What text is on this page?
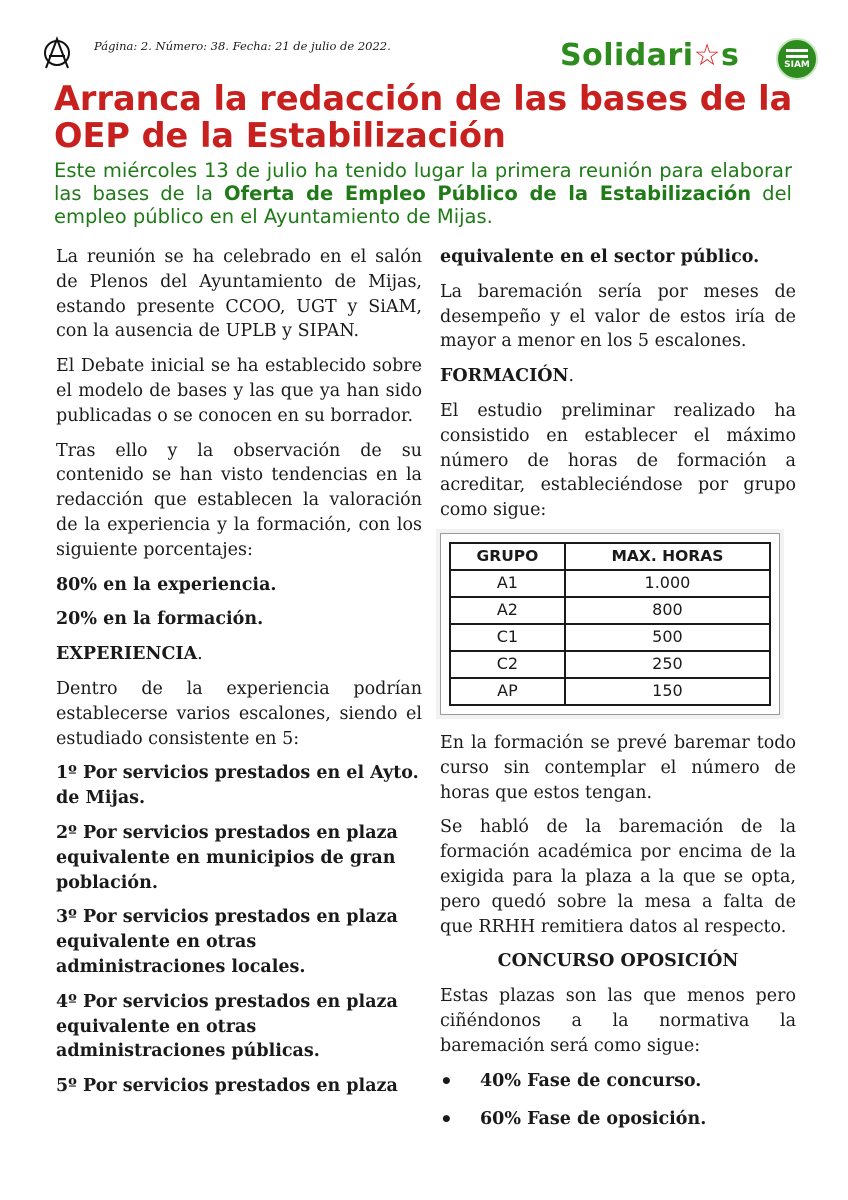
Página: 2. Número: 38. Fecha: 21 de julio de 2022.	Solidari☆s	SIAM
Arranca la redacción de las bases de la OEP de la Estabilización

Este miércoles 13 de julio ha tenido lugar la primera reunión para elaborar las bases de la Oferta de Empleo Público de la Estabilización del empleo público en el Ayuntamiento de Mijas.

La reunión se ha celebrado en el salón de Plenos del Ayuntamiento de Mijas, estando presente CCOO, UGT y SiAM, con la ausencia de UPLB y SIPAN.

El Debate inicial se ha establecido sobre el modelo de bases y las que ya han sido publicadas o se conocen en su borrador.

Tras ello y la observación de su contenido se han visto tendencias en la redacción que establecen la valoración de la experiencia y la formación, con los siguiente porcentajes:

80% en la experiencia.

20% en la formación.

EXPERIENCIA.

Dentro de la experiencia podrían establecerse varios escalones, siendo el estudiado consistente en 5:

1º Por servicios prestados en el Ayto. de Mijas.

2º Por servicios prestados en plaza equivalente en municipios de gran población.

3º Por servicios prestados en plaza equivalente en otras administraciones locales.

4º Por servicios prestados en plaza equivalente en otras administraciones públicas.

5º Por servicios prestados en plaza

equivalente en el sector público.

La baremación sería por meses de desempeño y el valor de estos iría de mayor a menor en los 5 escalones.

FORMACIÓN.

El estudio preliminar realizado ha consistido en establecer el máximo número de horas de formación a acreditar, estableciéndose por grupo como sigue:

GRUPO	MAX. HORAS
A1	1.000
A2	800
C1	500
C2	250
AP	150

En la formación se prevé baremar todo curso sin contemplar el número de horas que estos tengan.

Se habló de la baremación de la formación académica por encima de la exigida para la plaza a la que se opta, pero quedó sobre la mesa a falta de que RRHH remitiera datos al respecto.

CONCURSO OPOSICIÓN

Estas plazas son las que menos pero ciñéndonos a la normativa la baremación será como sigue:

• 40% Fase de concurso.
• 60% Fase de oposición.
